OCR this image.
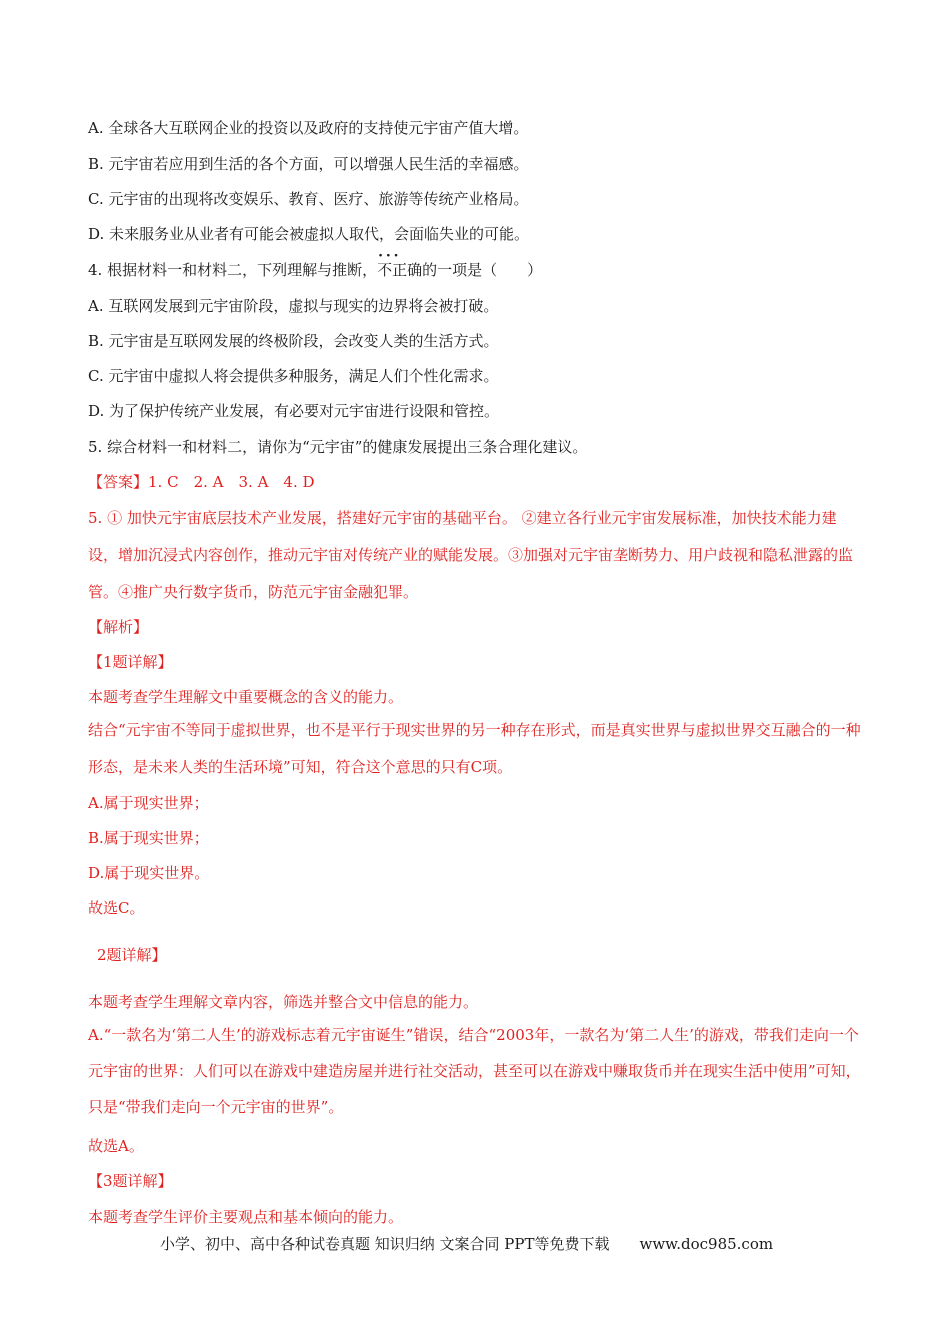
A. 全球各大互联网企业的投资以及政府的支持使元宇宙产值大增。
B. 元宇宙若应用到生活的各个方面，可以增强人民生活的幸福感。
C. 元宇宙的出现将改变娱乐、教育、医疗、旅游等传统产业格局。
D. 未来服务业从业者有可能会被虚拟人取代，会面临失业的可能。
4. 根据材料一和材料二，下列理解与推断，· · 不正确的一项是（　　）
A. 互联网发展到元宇宙阶段，虚拟与现实的边界将会被打破。
B. 元宇宙是互联网发展的终极阶段，会改变人类的生活方式。
C. 元宇宙中虚拟人将会提供多种服务，满足人们个性化需求。
D. 为了保护传统产业发展，有必要对元宇宙进行设限和管控。
5. 综合材料一和材料二，请你为“元宇宙”的健康发展提出三条合理化建议。
【答案】1. C　2. A　3. A　4. D
5. ① 加快元宇宙底层技术产业发展，搭建好元宇宙的基础平台。 ②建立各行业元宇宙发展标准，加快技术能力建设，增加沉浸式内容创作，推动元宇宙对传统产业的赋能发展。③加强对元宇宙垄断势力、用户歧视和隐私泄露的监管。④推广央行数字货币，防范元宇宙金融犯罪。
【解析】
【1题详解】
本题考查学生理解文中重要概念的含义的能力。
结合“元宇宙不等同于虚拟世界，也不是平行于现实世界的另一种存在形式，而是真实世界与虚拟世界交互融合的一种形态，是未来人类的生活环境”可知，符合这个意思的只有C项。
A.属于现实世界；
B.属于现实世界；
D.属于现实世界。
故选C。
2题详解】
本题考查学生理解文章内容，筛选并整合文中信息的能力。
A.“一款名为‘第二人生’的游戏标志着元宇宙诞生”错误，结合“2003年，一款名为‘第二人生’的游戏，带我们走向一个元宇宙的世界：人们可以在游戏中建造房屋并进行社交活动，甚至可以在游戏中赚取货币并在现实生活中使用”可知，只是“带我们走向一个元宇宙的世界”。
故选A。
【3题详解】
本题考查学生评价主要观点和基本倾向的能力。
小学、初中、高中各种试卷真题 知识归纳 文案合同 PPT等免费下载　　www.doc985.com
